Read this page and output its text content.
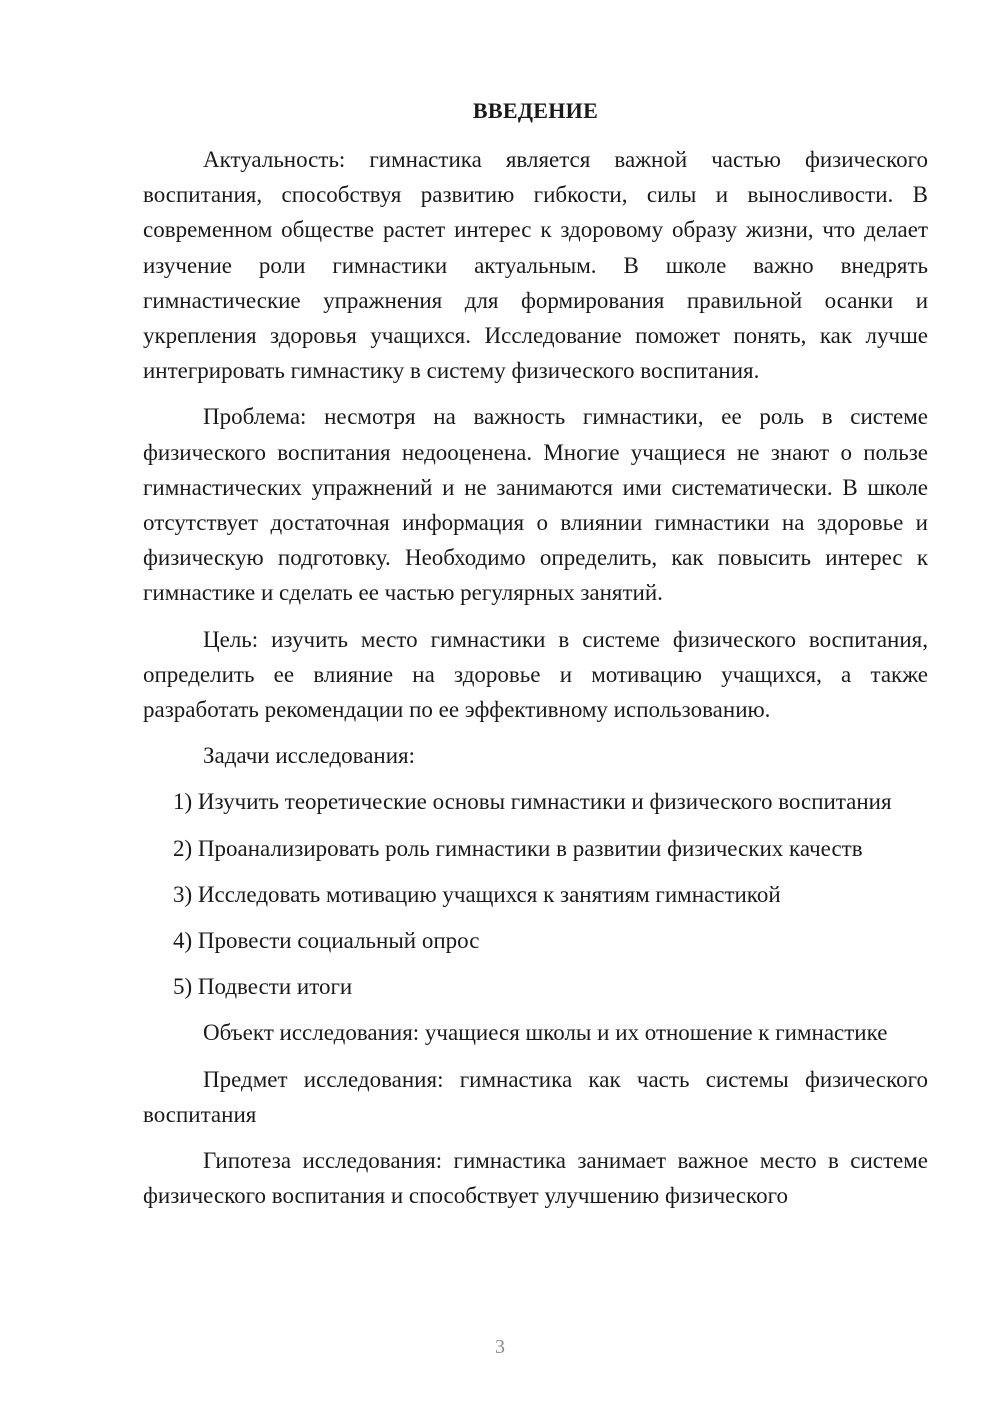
ВВЕДЕНИЕ

Актуальность: гимнастика является важной частью физического воспитания, способствуя развитию гибкости, силы и выносливости. В современном обществе растет интерес к здоровому образу жизни, что делает изучение роли гимнастики актуальным. В школе важно внедрять гимнастические упражнения для формирования правильной осанки и укрепления здоровья учащихся. Исследование поможет понять, как лучше интегрировать гимнастику в систему физического воспитания.

Проблема: несмотря на важность гимнастики, ее роль в системе физического воспитания недооценена. Многие учащиеся не знают о пользе гимнастических упражнений и не занимаются ими систематически. В школе отсутствует достаточная информация о влиянии гимнастики на здоровье и физическую подготовку. Необходимо определить, как повысить интерес к гимнастике и сделать ее частью регулярных занятий.

Цель: изучить место гимнастики в системе физического воспитания, определить ее влияние на здоровье и мотивацию учащихся, а также разработать рекомендации по ее эффективному использованию.

Задачи исследования:

1) Изучить теоретические основы гимнастики и физического воспитания

2) Проанализировать роль гимнастики в развитии физических качеств

3) Исследовать мотивацию учащихся к занятиям гимнастикой

4) Провести социальный опрос

5) Подвести итоги

Объект исследования: учащиеся школы и их отношение к гимнастике

Предмет исследования: гимнастика как часть системы физического воспитания

Гипотеза исследования: гимнастика занимает важное место в системе физического воспитания и способствует улучшению физического

3
